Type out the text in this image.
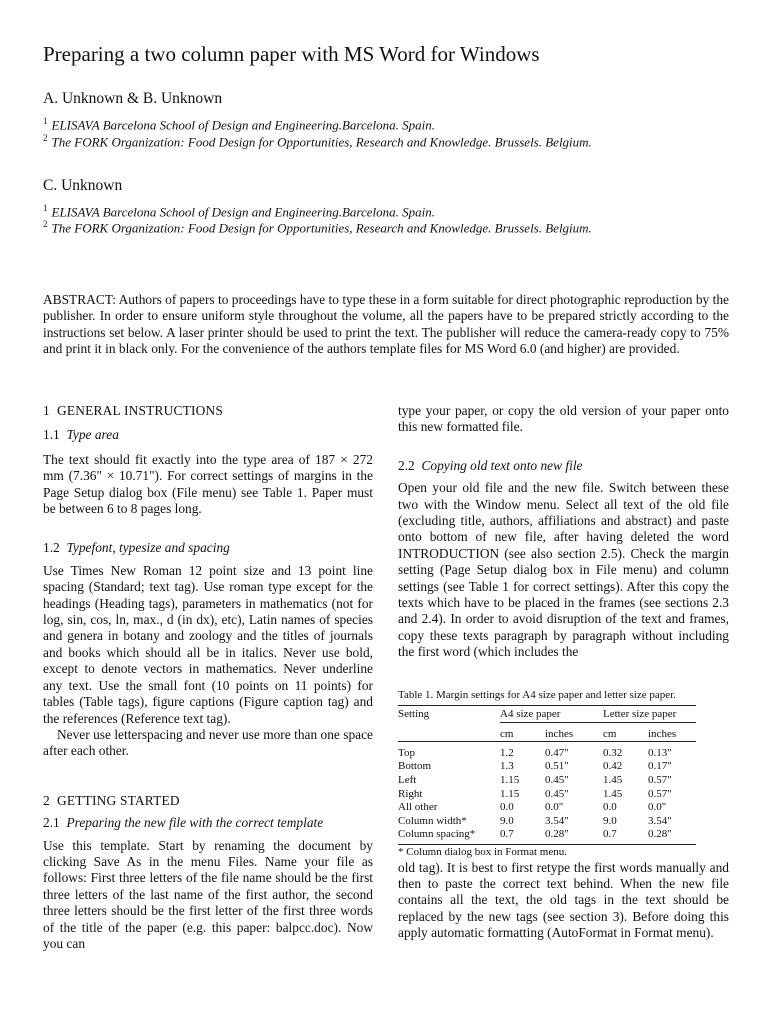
Preparing a two column paper with MS Word for Windows

A. Unknown & B. Unknown

$^1$ ELISAVA Barcelona School of Design and Engineering.Barcelona. Spain.

$^2$ The FORK Organization: Food Design for Opportunities, Research and Knowledge. Brussels. Belgium.

C. Unknown

$^1$ ELISAVA Barcelona School of Design and Engineering.Barcelona. Spain.

$^2$ The FORK Organization: Food Design for Opportunities, Research and Knowledge. Brussels. Belgium.

ABSTRACT: Authors of papers to proceedings have to type these in a form suitable for direct photographic reproduction by the publisher. In order to ensure uniform style throughout the volume, all the papers have to be prepared strictly according to the instructions set below. A laser printer should be used to print the text. The publisher will reduce the camera-ready copy to 75% and print it in black only. For the convenience of the authors template files for MS Word 6.0 (and higher) are provided.

1 GENERAL INSTRUCTIONS
1.1 Type area

The text should fit exactly into the type area of 187 × 272 mm (7.36" × 10.71"). For correct settings of margins in the Page Setup dialog box (File menu) see Table 1. Paper must be between 6 to 8 pages long.

1.2 Typefont, typesize and spacing

Use Times New Roman 12 point size and 13 point line spacing (Standard; text tag). Use roman type except for the headings (Heading tags), parameters in mathematics (not for log, sin, cos, ln, max., d (in dx), etc), Latin names of species and genera in botany and zoology and the titles of journals and books which should all be in italics. Never use bold, except to denote vectors in mathematics. Never underline any text. Use the small font (10 points on 11 points) for tables (Table tags), figure captions (Figure caption tag) and the references (Reference text tag).

Never use letterspacing and never use more than one space after each other.

2 GETTING STARTED
2.1 Preparing the new file with the correct template

Use this template. Start by renaming the document by clicking Save As in the menu Files. Name your file as follows: First three letters of the file name should be the first three letters of the last name of the first author, the second three letters should be the first letter of the first three words of the title of the paper (e.g. this paper: balpcc.doc). Now you can

type your paper, or copy the old version of your paper onto this new formatted file.

2.2 Copying old text onto new file

Open your old file and the new file. Switch between these two with the Window menu. Select all text of the old file (excluding title, authors, affiliations and abstract) and paste onto bottom of new file, after having deleted the word INTRODUCTION (see also section 2.5). Check the margin setting (Page Setup dialog box in File menu) and column settings (see Table 1 for correct settings). After this copy the texts which have to be placed in the frames (see sections 2.3 and 2.4). In order to avoid disruption of the text and frames, copy these texts paragraph by paragraph without including the first word (which includes the

Table 1. Margin settings for A4 size paper and letter size paper.

Setting	A4 size paper		Letter size paper	
	cm	inches	cm	inches

Top	1.2	0.47"	0.32	0.13"
Bottom	1.3	0.51"	0.42	0.17"
Left	1.15	0.45"	1.45	0.57"
Right	1.15	0.45"	1.45	0.57"
All other	0.0	0.0"	0.0	0.0"
Column width*	9.0	3.54"	9.0	3.54"
Column spacing*	0.7	0.28"	0.7	0.28"

* Column dialog box in Format menu.

old tag). It is best to first retype the first words manually and then to paste the correct text behind. When the new file contains all the text, the old tags in the text should be replaced by the new tags (see section 3). Before doing this apply automatic formatting (AutoFormat in Format menu).
